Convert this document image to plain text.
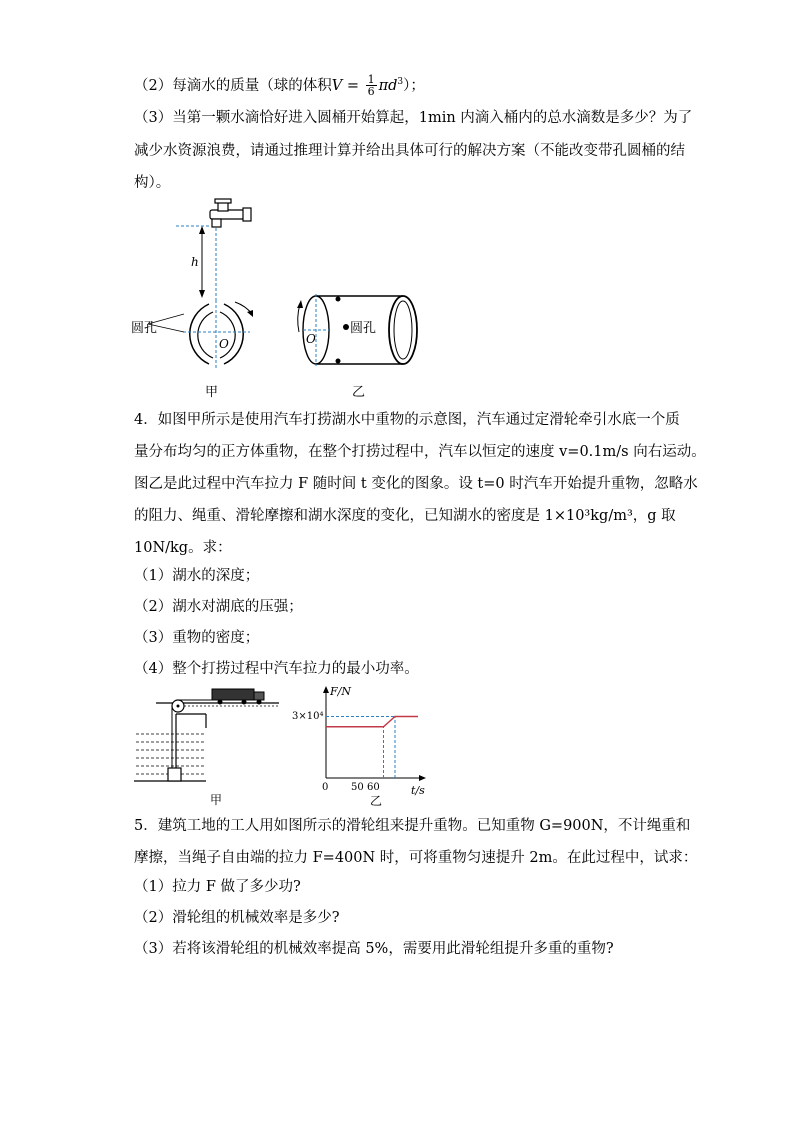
（2）每滴水的质量（球的体积$V = \frac{1}{6} \pi d^3$）；
（3）当第一颗水滴恰好进入圆桶开始算起，1min 内滴入桶内的总水滴数是多少？为了
减少水资源浪费，请通过推理计算并给出具体可行的解决方案（不能改变带孔圆桶的结
构）。
h
圆孔
O	O
圆孔
甲	乙
4．如图甲所示是使用汽车打捞湖水中重物的示意图，汽车通过定滑轮牵引水底一个质
量分布均匀的正方体重物，在整个打捞过程中，汽车以恒定的速度 v=0.1m/s 向右运动。
图乙是此过程中汽车拉力 F 随时间 t 变化的图象。设 t=0 时汽车开始提升重物，忽略水
的阻力、绳重、滑轮摩擦和湖水深度的变化，已知湖水的密度是 1×10³kg/m³，g 取
10N/kg。求：
（1）湖水的深度；
（2）湖水对湖底的压强；
（3）重物的密度；
（4）整个打捞过程中汽车拉力的最小功率。
甲
F/N
t/s
0
3×10⁴
50 60
乙
5．建筑工地的工人用如图所示的滑轮组来提升重物。已知重物 G=900N，不计绳重和
摩擦，当绳子自由端的拉力 F=400N 时，可将重物匀速提升 2m。在此过程中，试求：
（1）拉力 F 做了多少功?
（2）滑轮组的机械效率是多少?
（3）若将该滑轮组的机械效率提高 5%，需要用此滑轮组提升多重的重物?
